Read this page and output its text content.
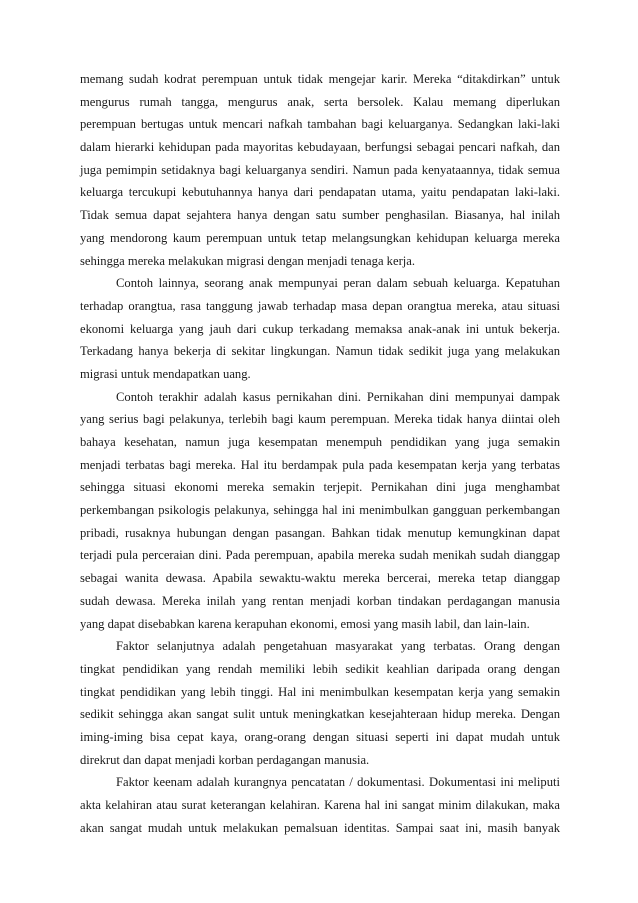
memang sudah kodrat perempuan untuk tidak mengejar karir. Mereka “ditakdirkan” untuk
mengurus rumah tangga, mengurus anak, serta bersolek. Kalau memang diperlukan
perempuan bertugas untuk mencari nafkah tambahan bagi keluarganya. Sedangkan laki-laki
dalam hierarki kehidupan pada mayoritas kebudayaan, berfungsi sebagai pencari nafkah, dan
juga pemimpin setidaknya bagi keluarganya sendiri. Namun pada kenyataannya, tidak semua
keluarga tercukupi kebutuhannya hanya dari pendapatan utama, yaitu pendapatan laki-laki.
Tidak semua dapat sejahtera hanya dengan satu sumber penghasilan. Biasanya, hal inilah
yang mendorong kaum perempuan untuk tetap melangsungkan kehidupan keluarga mereka
sehingga mereka melakukan migrasi dengan menjadi tenaga kerja.
Contoh lainnya, seorang anak mempunyai peran dalam sebuah keluarga. Kepatuhan
terhadap orangtua, rasa tanggung jawab terhadap masa depan orangtua mereka, atau situasi
ekonomi keluarga yang jauh dari cukup terkadang memaksa anak-anak ini untuk bekerja.
Terkadang hanya bekerja di sekitar lingkungan. Namun tidak sedikit juga yang melakukan
migrasi untuk mendapatkan uang.
Contoh terakhir adalah kasus pernikahan dini. Pernikahan dini mempunyai dampak
yang serius bagi pelakunya, terlebih bagi kaum perempuan. Mereka tidak hanya diintai oleh
bahaya kesehatan, namun juga kesempatan menempuh pendidikan yang juga semakin
menjadi terbatas bagi mereka. Hal itu berdampak pula pada kesempatan kerja yang terbatas
sehingga situasi ekonomi mereka semakin terjepit. Pernikahan dini juga menghambat
perkembangan psikologis pelakunya, sehingga hal ini menimbulkan gangguan perkembangan
pribadi, rusaknya hubungan dengan pasangan. Bahkan tidak menutup kemungkinan dapat
terjadi pula perceraian dini. Pada perempuan, apabila mereka sudah menikah sudah dianggap
sebagai wanita dewasa. Apabila sewaktu-waktu mereka bercerai, mereka tetap dianggap
sudah dewasa. Mereka inilah yang rentan menjadi korban tindakan perdagangan manusia
yang dapat disebabkan karena kerapuhan ekonomi, emosi yang masih labil, dan lain-lain.
Faktor selanjutnya adalah pengetahuan masyarakat yang terbatas. Orang dengan
tingkat pendidikan yang rendah memiliki lebih sedikit keahlian daripada orang dengan
tingkat pendidikan yang lebih tinggi. Hal ini menimbulkan kesempatan kerja yang semakin
sedikit sehingga akan sangat sulit untuk meningkatkan kesejahteraan hidup mereka. Dengan
iming-iming bisa cepat kaya, orang-orang dengan situasi seperti ini dapat mudah untuk
direkrut dan dapat menjadi korban perdagangan manusia.
Faktor keenam adalah kurangnya pencatatan / dokumentasi. Dokumentasi ini meliputi
akta kelahiran atau surat keterangan kelahiran. Karena hal ini sangat minim dilakukan, maka
akan sangat mudah untuk melakukan pemalsuan identitas. Sampai saat ini, masih banyak
